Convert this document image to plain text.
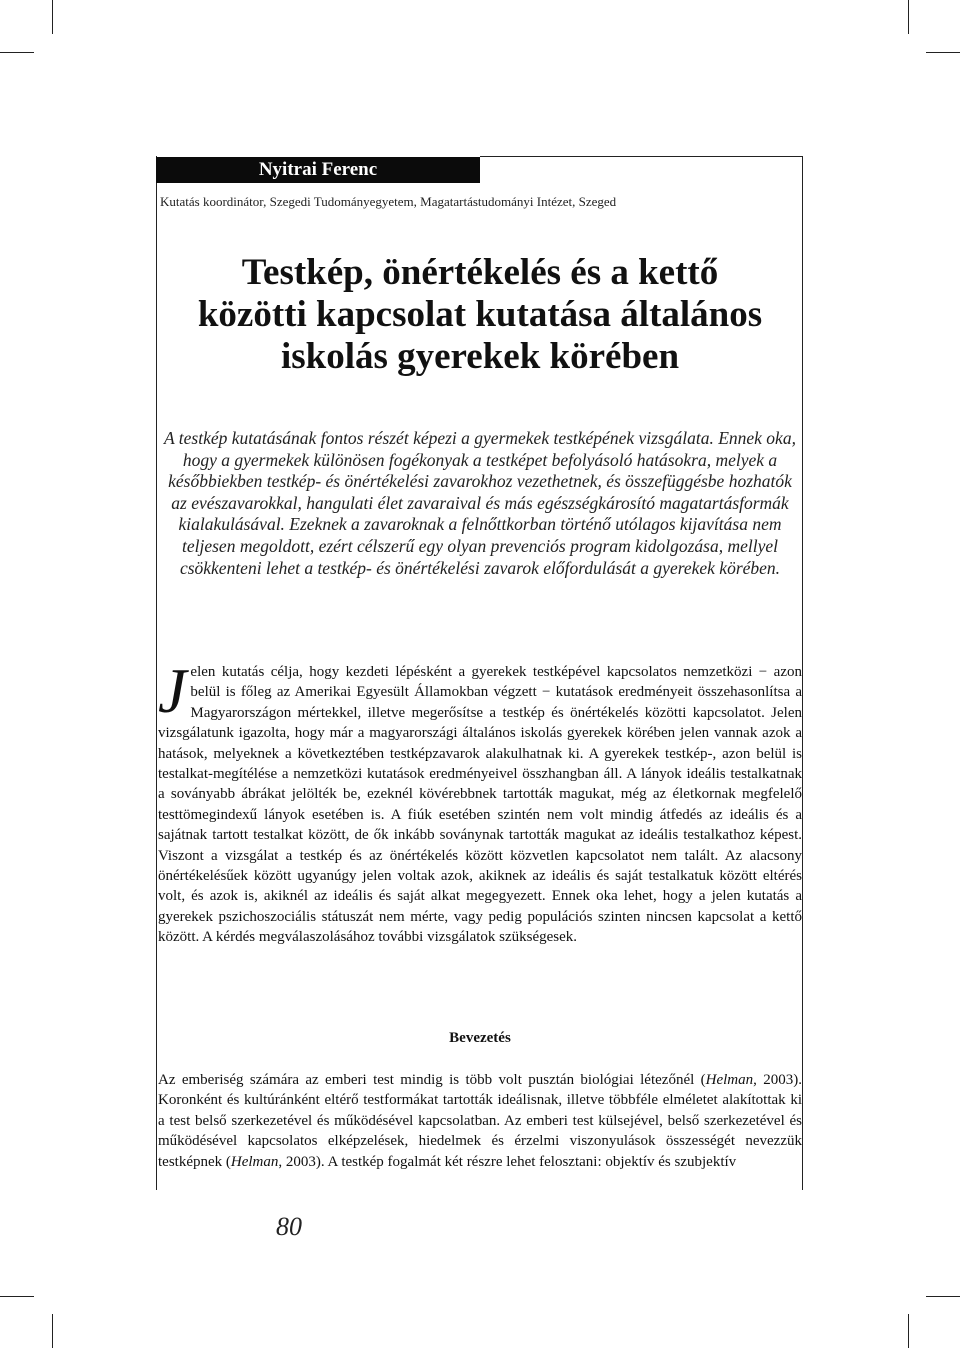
Nyitrai Ferenc
Kutatás koordinátor, Szegedi Tudományegyetem, Magatartástudományi Intézet, Szeged
Testkép, önértékelés és a kettő
közötti kapcsolat kutatása általános
iskolás gyerekek körében
A testkép kutatásának fontos részét képezi a gyermekek testképének vizsgálata. Ennek oka, hogy a gyermekek különösen fogékonyak a testképet befolyásoló hatásokra, melyek a későbbiekben testkép- és önértékelési zavarokhoz vezethetnek, és összefüggésbe hozhatók az evészavarokkal, hangulati élet zavaraival és más egészségkárosító magatartásformák kialakulásával. Ezeknek a zavaroknak a felnőttkorban történő utólagos kijavítása nem teljesen megoldott, ezért célszerű egy olyan prevenciós program kidolgozása, mellyel csökkenteni lehet a testkép- és önértékelési zavarok előfordulását a gyerekek körében.
Jelen kutatás célja, hogy kezdeti lépésként a gyerekek testképével kapcsolatos nemzetközi − azon belül is főleg az Amerikai Egyesült Államokban végzett − kutatások eredményeit összehasonlítsa a Magyarországon mértekkel, illetve megerősítse a testkép és önértékelés közötti kapcsolatot. Jelen vizsgálatunk igazolta, hogy már a magyarországi általános iskolás gyerekek körében jelen vannak azok a hatások, melyeknek a következtében testképzavarok alakulhatnak ki. A gyerekek testkép-, azon belül is testalkat-megítélése a nemzetközi kutatások eredményeivel összhangban áll. A lányok ideális testalkatnak a soványabb ábrákat jelölték be, ezeknél kövérebbnek tartották magukat, még az életkornak megfelelő testtömegindexű lányok esetében is. A fiúk esetében szintén nem volt mindig átfedés az ideális és a sajátnak tartott testalkat között, de ők inkább soványnak tartották magukat az ideális testalkathoz képest. Viszont a vizsgálat a testkép és az önértékelés között közvetlen kapcsolatot nem talált. Az alacsony önértékelésűek között ugyanúgy jelen voltak azok, akiknek az ideális és saját testalkatuk között eltérés volt, és azok is, akiknél az ideális és saját alkat megegyezett. Ennek oka lehet, hogy a jelen kutatás a gyerekek pszichoszociális státuszát nem mérte, vagy pedig populációs szinten nincsen kapcsolat a kettő között. A kérdés megválaszolásához további vizsgálatok szükségesek.
Bevezetés
Az emberiség számára az emberi test mindig is több volt pusztán biológiai létezőnél (Helman, 2003). Koronként és kultúránként eltérő testformákat tartották ideálisnak, illetve többféle elméletet alakítottak ki a test belső szerkezetével és működésével kapcsolatban. Az emberi test külsejével, belső szerkezetével és működésével kapcsolatos elképzelések, hiedelmek és érzelmi viszonyulások összességét nevezzük testképnek (Helman, 2003). A testkép fogalmát két részre lehet felosztani: objektív és szubjektív
80
